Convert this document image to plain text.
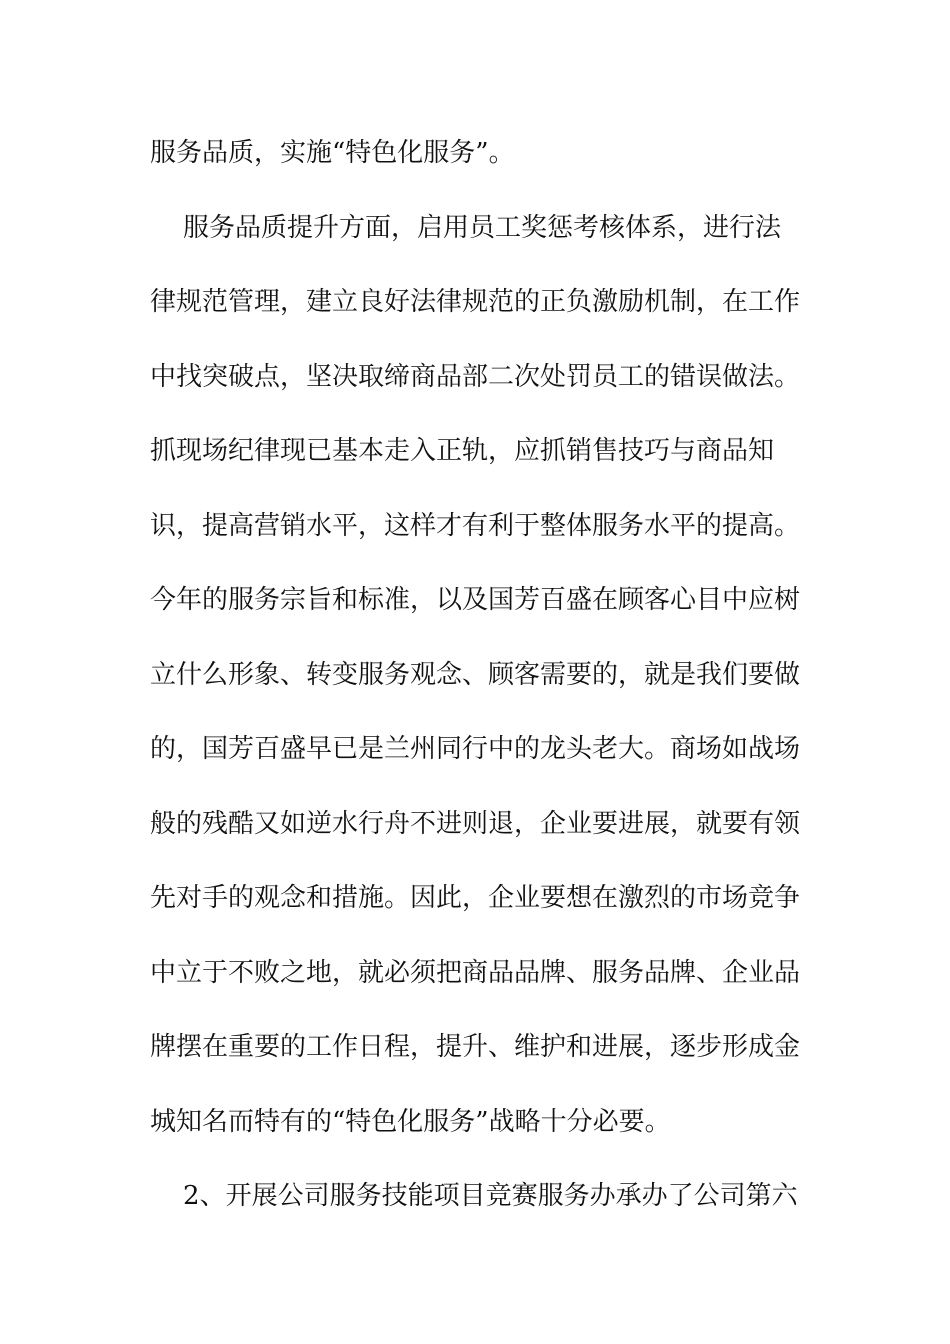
服务品质，实施“特色化服务”。
服务品质提升方面，启用员工奖惩考核体系，进行法
律规范管理，建立良好法律规范的正负激励机制，在工作
中找突破点，坚决取缔商品部二次处罚员工的错误做法。
抓现场纪律现已基本走入正轨，应抓销售技巧与商品知
识，提高营销水平，这样才有利于整体服务水平的提高。
今年的服务宗旨和标准，以及国芳百盛在顾客心目中应树
立什么形象、转变服务观念、顾客需要的，就是我们要做
的，国芳百盛早已是兰州同行中的龙头老大。商场如战场
般的残酷又如逆水行舟不进则退，企业要进展，就要有领
先对手的观念和措施。因此，企业要想在激烈的市场竞争
中立于不败之地，就必须把商品品牌、服务品牌、企业品
牌摆在重要的工作日程，提升、维护和进展，逐步形成金
城知名而特有的“特色化服务”战略十分必要。
2、开展公司服务技能项目竞赛服务办承办了公司第六
